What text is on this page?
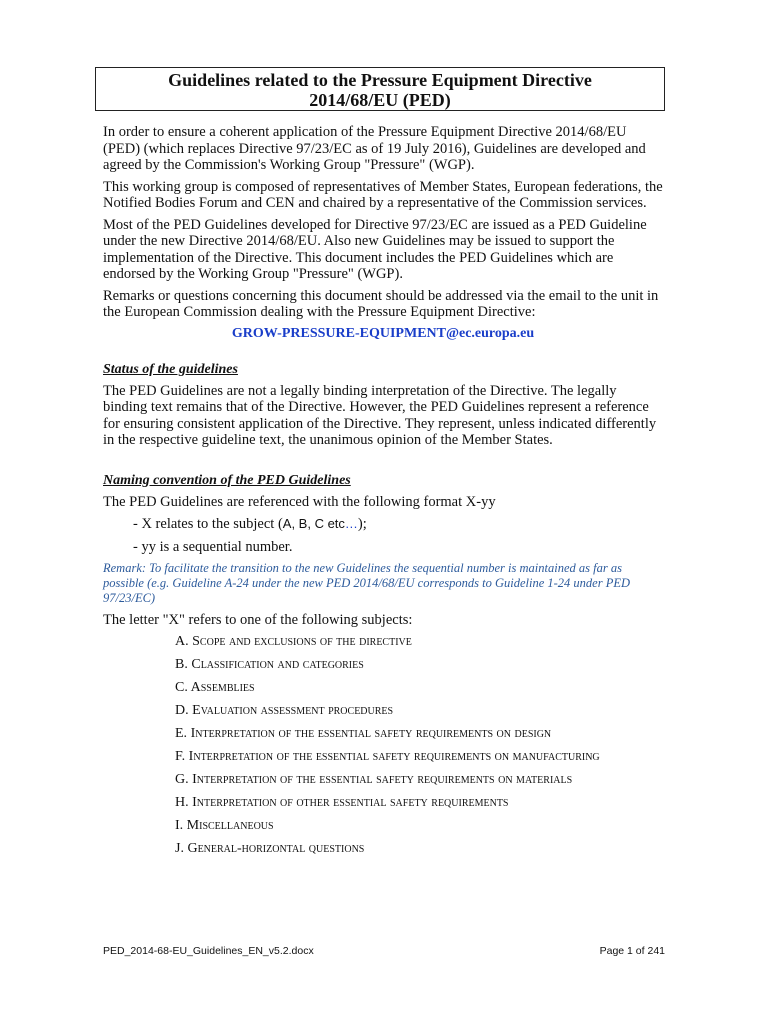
Guidelines related to the Pressure Equipment Directive
2014/68/EU (PED)

In order to ensure a coherent application of the Pressure Equipment Directive 2014/68/EU (PED) (which replaces Directive 97/23/EC as of 19 July 2016), Guidelines are developed and agreed by the Commission's Working Group "Pressure" (WGP).

This working group is composed of representatives of Member States, European federations, the Notified Bodies Forum and CEN and chaired by a representative of the Commission services.

Most of the PED Guidelines developed for Directive 97/23/EC are issued as a PED Guideline under the new Directive 2014/68/EU. Also new Guidelines may be issued to support the implementation of the Directive. This document includes the PED Guidelines which are endorsed by the Working Group "Pressure" (WGP).

Remarks or questions concerning this document should be addressed via the email to the unit in the European Commission dealing with the Pressure Equipment Directive:

GROW-PRESSURE-EQUIPMENT@ec.europa.eu
Status of the guidelines

The PED Guidelines are not a legally binding interpretation of the Directive. The legally binding text remains that of the Directive. However, the PED Guidelines represent a reference for ensuring consistent application of the Directive. They represent, unless indicated differently in the respective guideline text, the unanimous opinion of the Member States.

Naming convention of the PED Guidelines

The PED Guidelines are referenced with the following format X-yy

- X relates to the subject (A, B, C etc…);
- yy is a sequential number.
Remark: To facilitate the transition to the new Guidelines the sequential number is maintained as far as possible (e.g. Guideline A-24 under the new PED 2014/68/EU corresponds to Guideline 1-24 under PED 97/23/EC)

The letter "X" refers to one of the following subjects:

A. Scope and exclusions of the directive
B. Classification and categories
C. Assemblies
D. Evaluation assessment procedures
E. Interpretation of the essential safety requirements on design
F. Interpretation of the essential safety requirements on manufacturing
G. Interpretation of the essential safety requirements on materials
H. Interpretation of other essential safety requirements
I. Miscellaneous
J. General-horizontal questions
PED_2014-68-EU_Guidelines_EN_v5.2.docx	Page 1 of 241
